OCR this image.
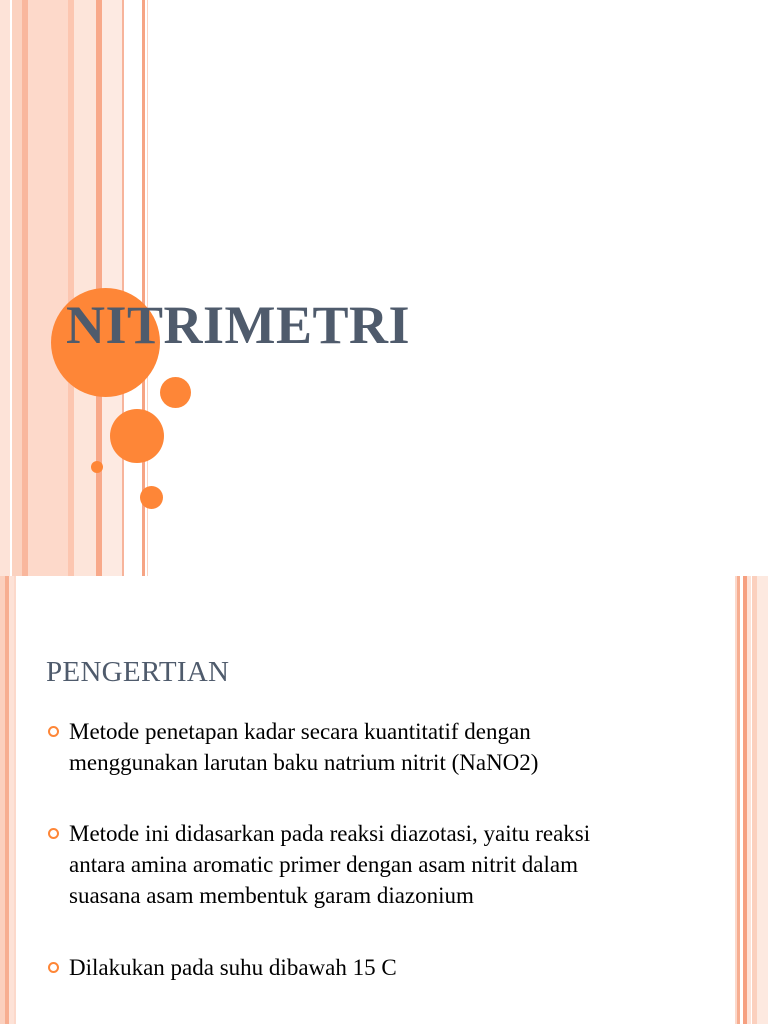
NITRIMETRI
PENGERTIAN
Metode penetapan kadar secara kuantitatif dengan
menggunakan larutan baku natrium nitrit (NaNO2)
Metode ini didasarkan pada reaksi diazotasi, yaitu reaksi
antara amina aromatic primer dengan asam nitrit dalam
suasana asam membentuk garam diazonium
Dilakukan pada suhu dibawah 15 C
